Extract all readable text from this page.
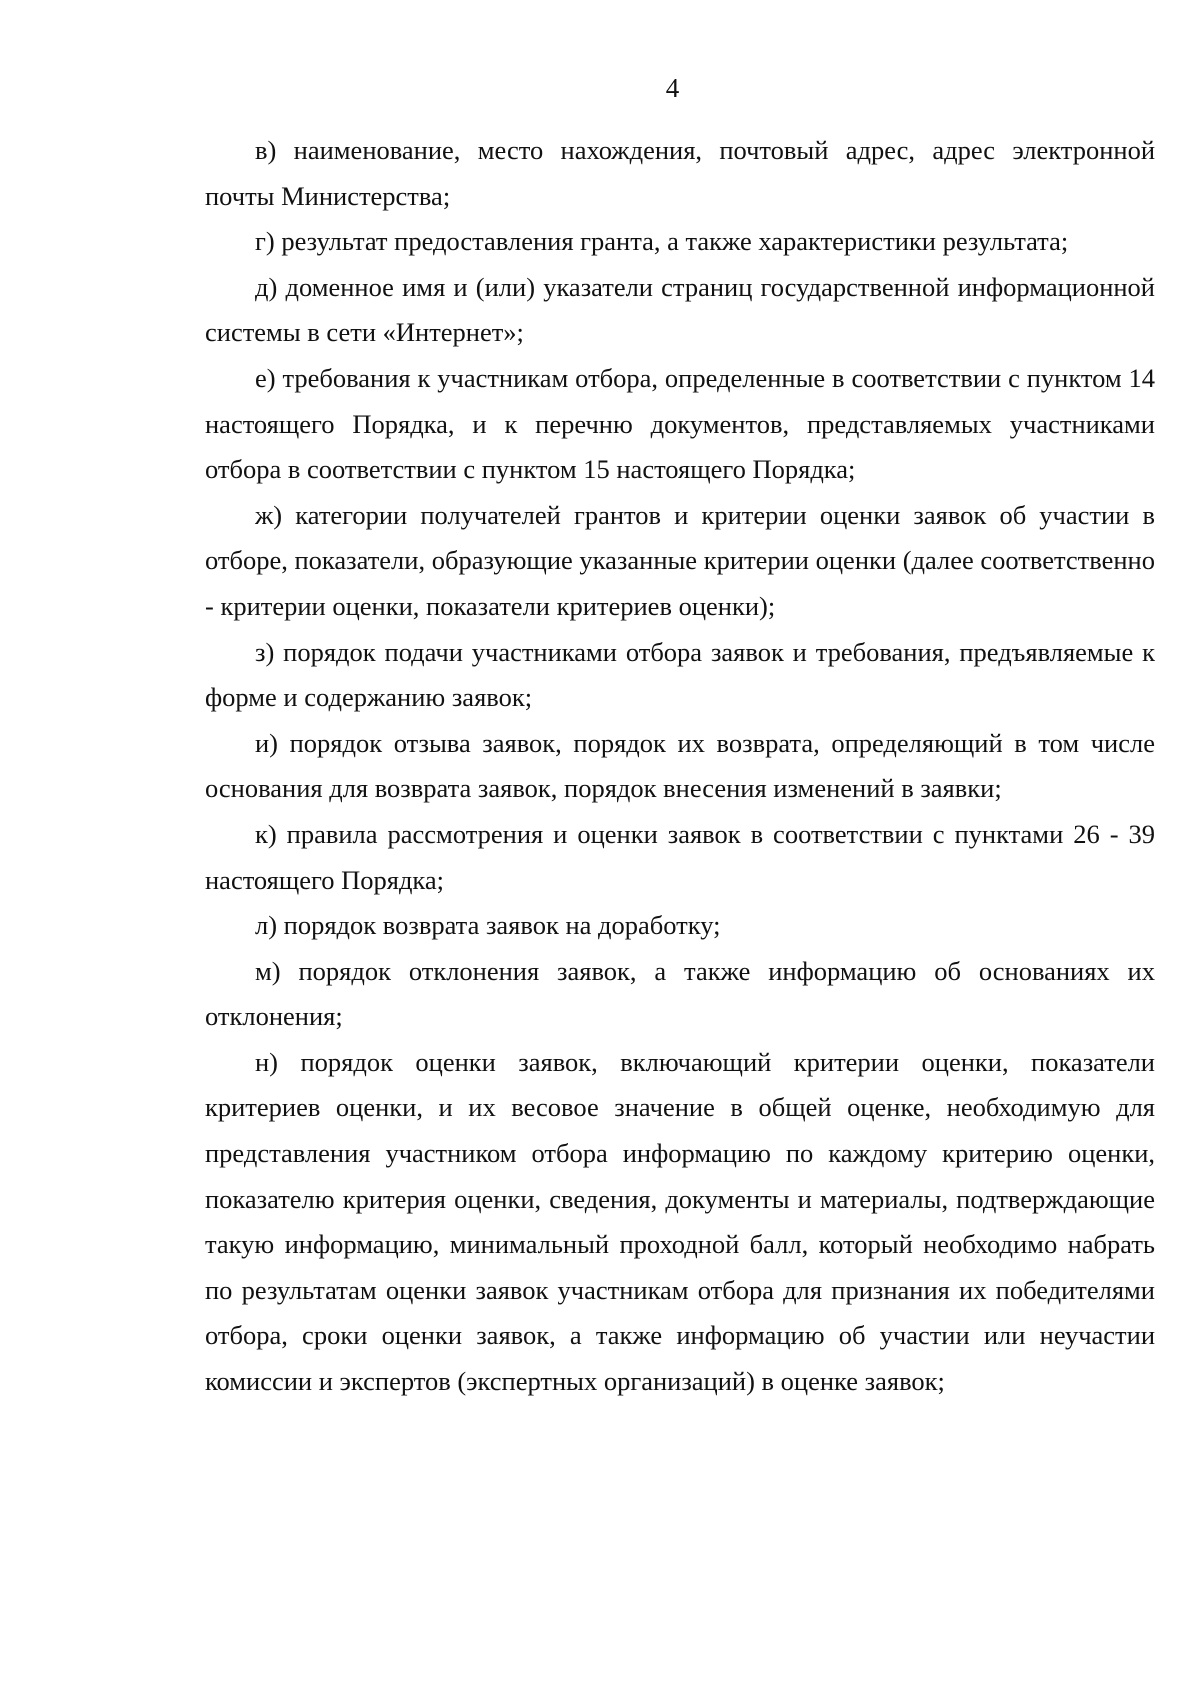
4

в) наименование, место нахождения, почтовый адрес, адрес электронной почты Министерства;

г) результат предоставления гранта, а также характеристики результата;

д) доменное имя и (или) указатели страниц государственной информационной системы в сети «Интернет»;

е) требования к участникам отбора, определенные в соответствии с пунктом 14 настоящего Порядка, и к перечню документов, представляемых участниками отбора в соответствии с пунктом 15 настоящего Порядка;

ж) категории получателей грантов и критерии оценки заявок об участии в отборе, показатели, образующие указанные критерии оценки (далее соответственно - критерии оценки, показатели критериев оценки);

з) порядок подачи участниками отбора заявок и требования, предъявляемые к форме и содержанию заявок;

и) порядок отзыва заявок, порядок их возврата, определяющий в том числе основания для возврата заявок, порядок внесения изменений в заявки;

к) правила рассмотрения и оценки заявок в соответствии с пунктами 26 - 39 настоящего Порядка;

л) порядок возврата заявок на доработку;

м) порядок отклонения заявок, а также информацию об основаниях их отклонения;

н) порядок оценки заявок, включающий критерии оценки, показатели критериев оценки, и их весовое значение в общей оценке, необходимую для представления участником отбора информацию по каждому критерию оценки, показателю критерия оценки, сведения, документы и материалы, подтверждающие такую информацию, минимальный проходной балл, который необходимо набрать по результатам оценки заявок участникам отбора для признания их победителями отбора, сроки оценки заявок, а также информацию об участии или неучастии комиссии и экспертов (экспертных организаций) в оценке заявок;
